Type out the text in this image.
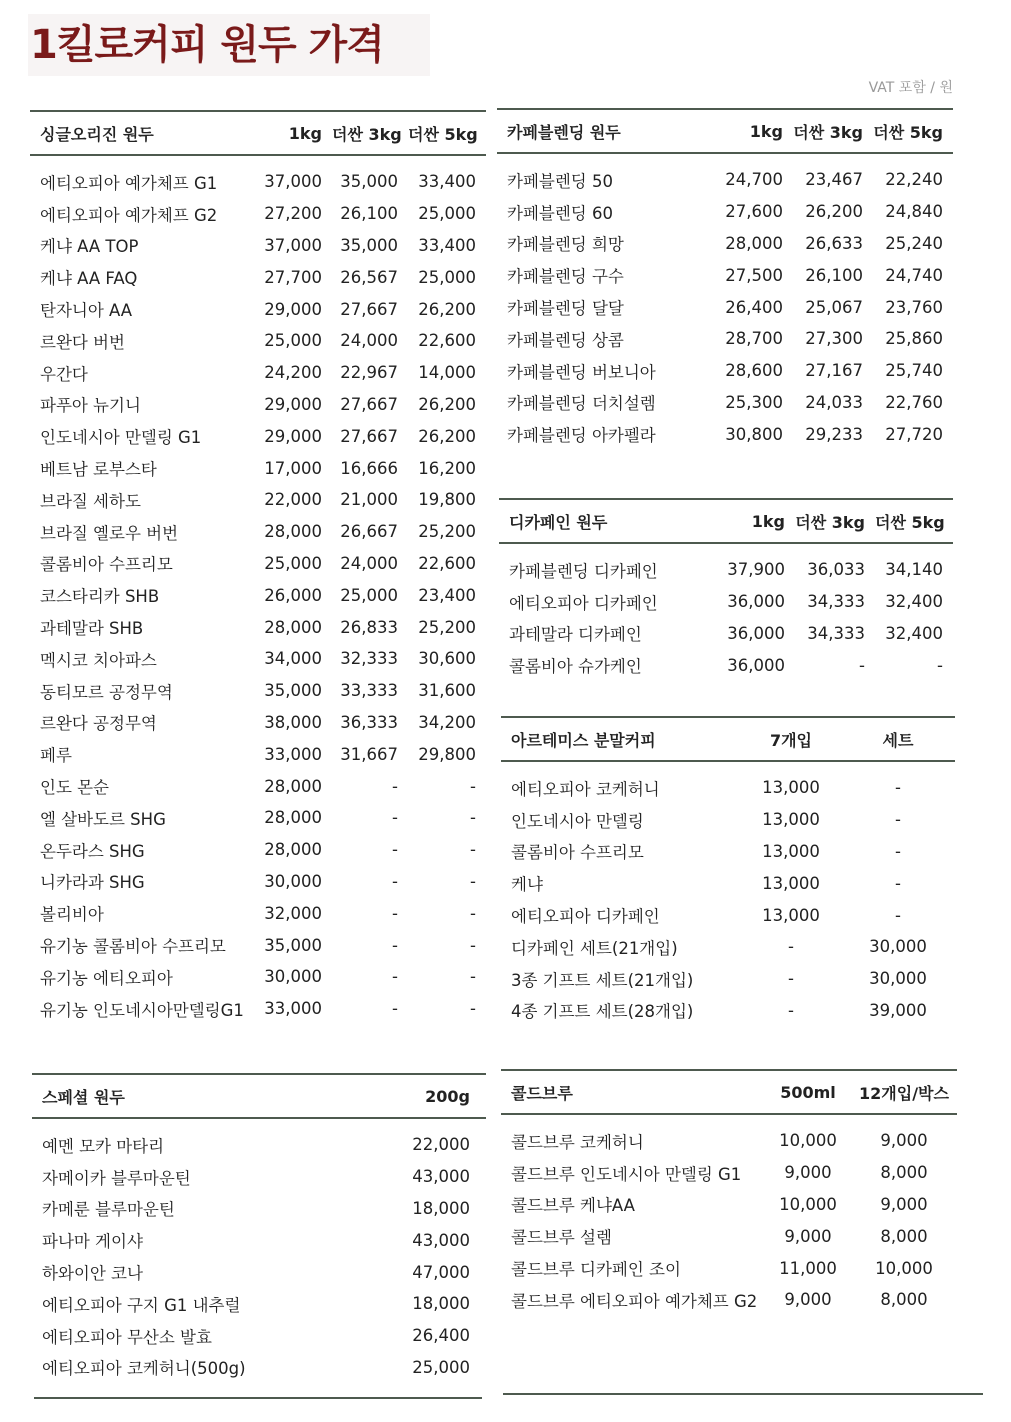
1킬로커피 원두 가격
VAT 포함 / 원
싱글오리진 원두	1kg 더싼 3kg 더싼 5kg
에티오피아 예가체프 G1	37,000	35,000	33,400
에티오피아 예가체프 G2	27,200	26,100	25,000
케냐 AA TOP	37,000	35,000	33,400
케냐 AA FAQ	27,700	26,567	25,000
탄자니아 AA	29,000	27,667	26,200
르완다 버번	25,000	24,000	22,600
우간다	24,200	22,967	14,000
파푸아 뉴기니	29,000	27,667	26,200
인도네시아 만델링 G1	29,000	27,667	26,200
베트남 로부스타	17,000	16,666	16,200
브라질 세하도	22,000	21,000	19,800
브라질 옐로우 버번	28,000	26,667	25,200
콜롬비아 수프리모	25,000	24,000	22,600
코스타리카 SHB	26,000	25,000	23,400
과테말라 SHB	28,000	26,833	25,200
멕시코 치아파스	34,000	32,333	30,600
동티모르 공정무역	35,000	33,333	31,600
르완다 공정무역	38,000	36,333	34,200
페루	33,000	31,667	29,800
인도 몬순	28,000	-	-
엘 살바도르 SHG	28,000	-	-
온두라스 SHG	28,000	-	-
니카라과 SHG	30,000	-	-
볼리비아	32,000	-	-
유기농 콜롬비아 수프리모	35,000	-	-
유기농 에티오피아	30,000	-	-
유기농 인도네시아만델링G1	33,000	-	-
카페블렌딩 원두	1kg 더싼 3kg 더싼 5kg
카페블렌딩 50	24,700	23,467	22,240
카페블렌딩 60	27,600	26,200	24,840
카페블렌딩 희망	28,000	26,633	25,240
카페블렌딩 구수	27,500	26,100	24,740
카페블렌딩 달달	26,400	25,067	23,760
카페블렌딩 상콤	28,700	27,300	25,860
카페블렌딩 버보니아	28,600	27,167	25,740
카페블렌딩 더치설렘	25,300	24,033	22,760
카페블렌딩 아카펠라	30,800	29,233	27,720
디카페인 원두	1kg 더싼 3kg 더싼 5kg
카페블렌딩 디카페인	37,900	36,033	34,140
에티오피아 디카페인	36,000	34,333	32,400
과테말라 디카페인	36,000	34,333	32,400
콜롬비아 슈가케인	36,000	-	-
아르테미스 분말커피	7개입	세트
에티오피아 코케허니	13,000	-
인도네시아 만델링	13,000	-
콜롬비아 수프리모	13,000	-
케냐	13,000	-
에티오피아 디카페인	13,000	-
디카페인 세트(21개입)	-	30,000
3종 기프트 세트(21개입)	-	30,000
4종 기프트 세트(28개입)	-	39,000
스페셜 원두	200g
예멘 모카 마타리	22,000
자메이카 블루마운틴	43,000
카메룬 블루마운틴	18,000
파나마 게이샤	43,000
하와이안 코나	47,000
에티오피아 구지 G1 내추럴	18,000
에티오피아 무산소 발효	26,400
에티오피아 코케허니(500g)	25,000
콜드브루	500ml	12개입/박스
콜드브루 코케허니	10,000	9,000
콜드브루 인도네시아 만델링 G1	9,000	8,000
콜드브루 케냐AA	10,000	9,000
콜드브루 설렘	9,000	8,000
콜드브루 디카페인 조이	11,000	10,000
콜드브루 에티오피아 예가체프 G2	9,000	8,000
